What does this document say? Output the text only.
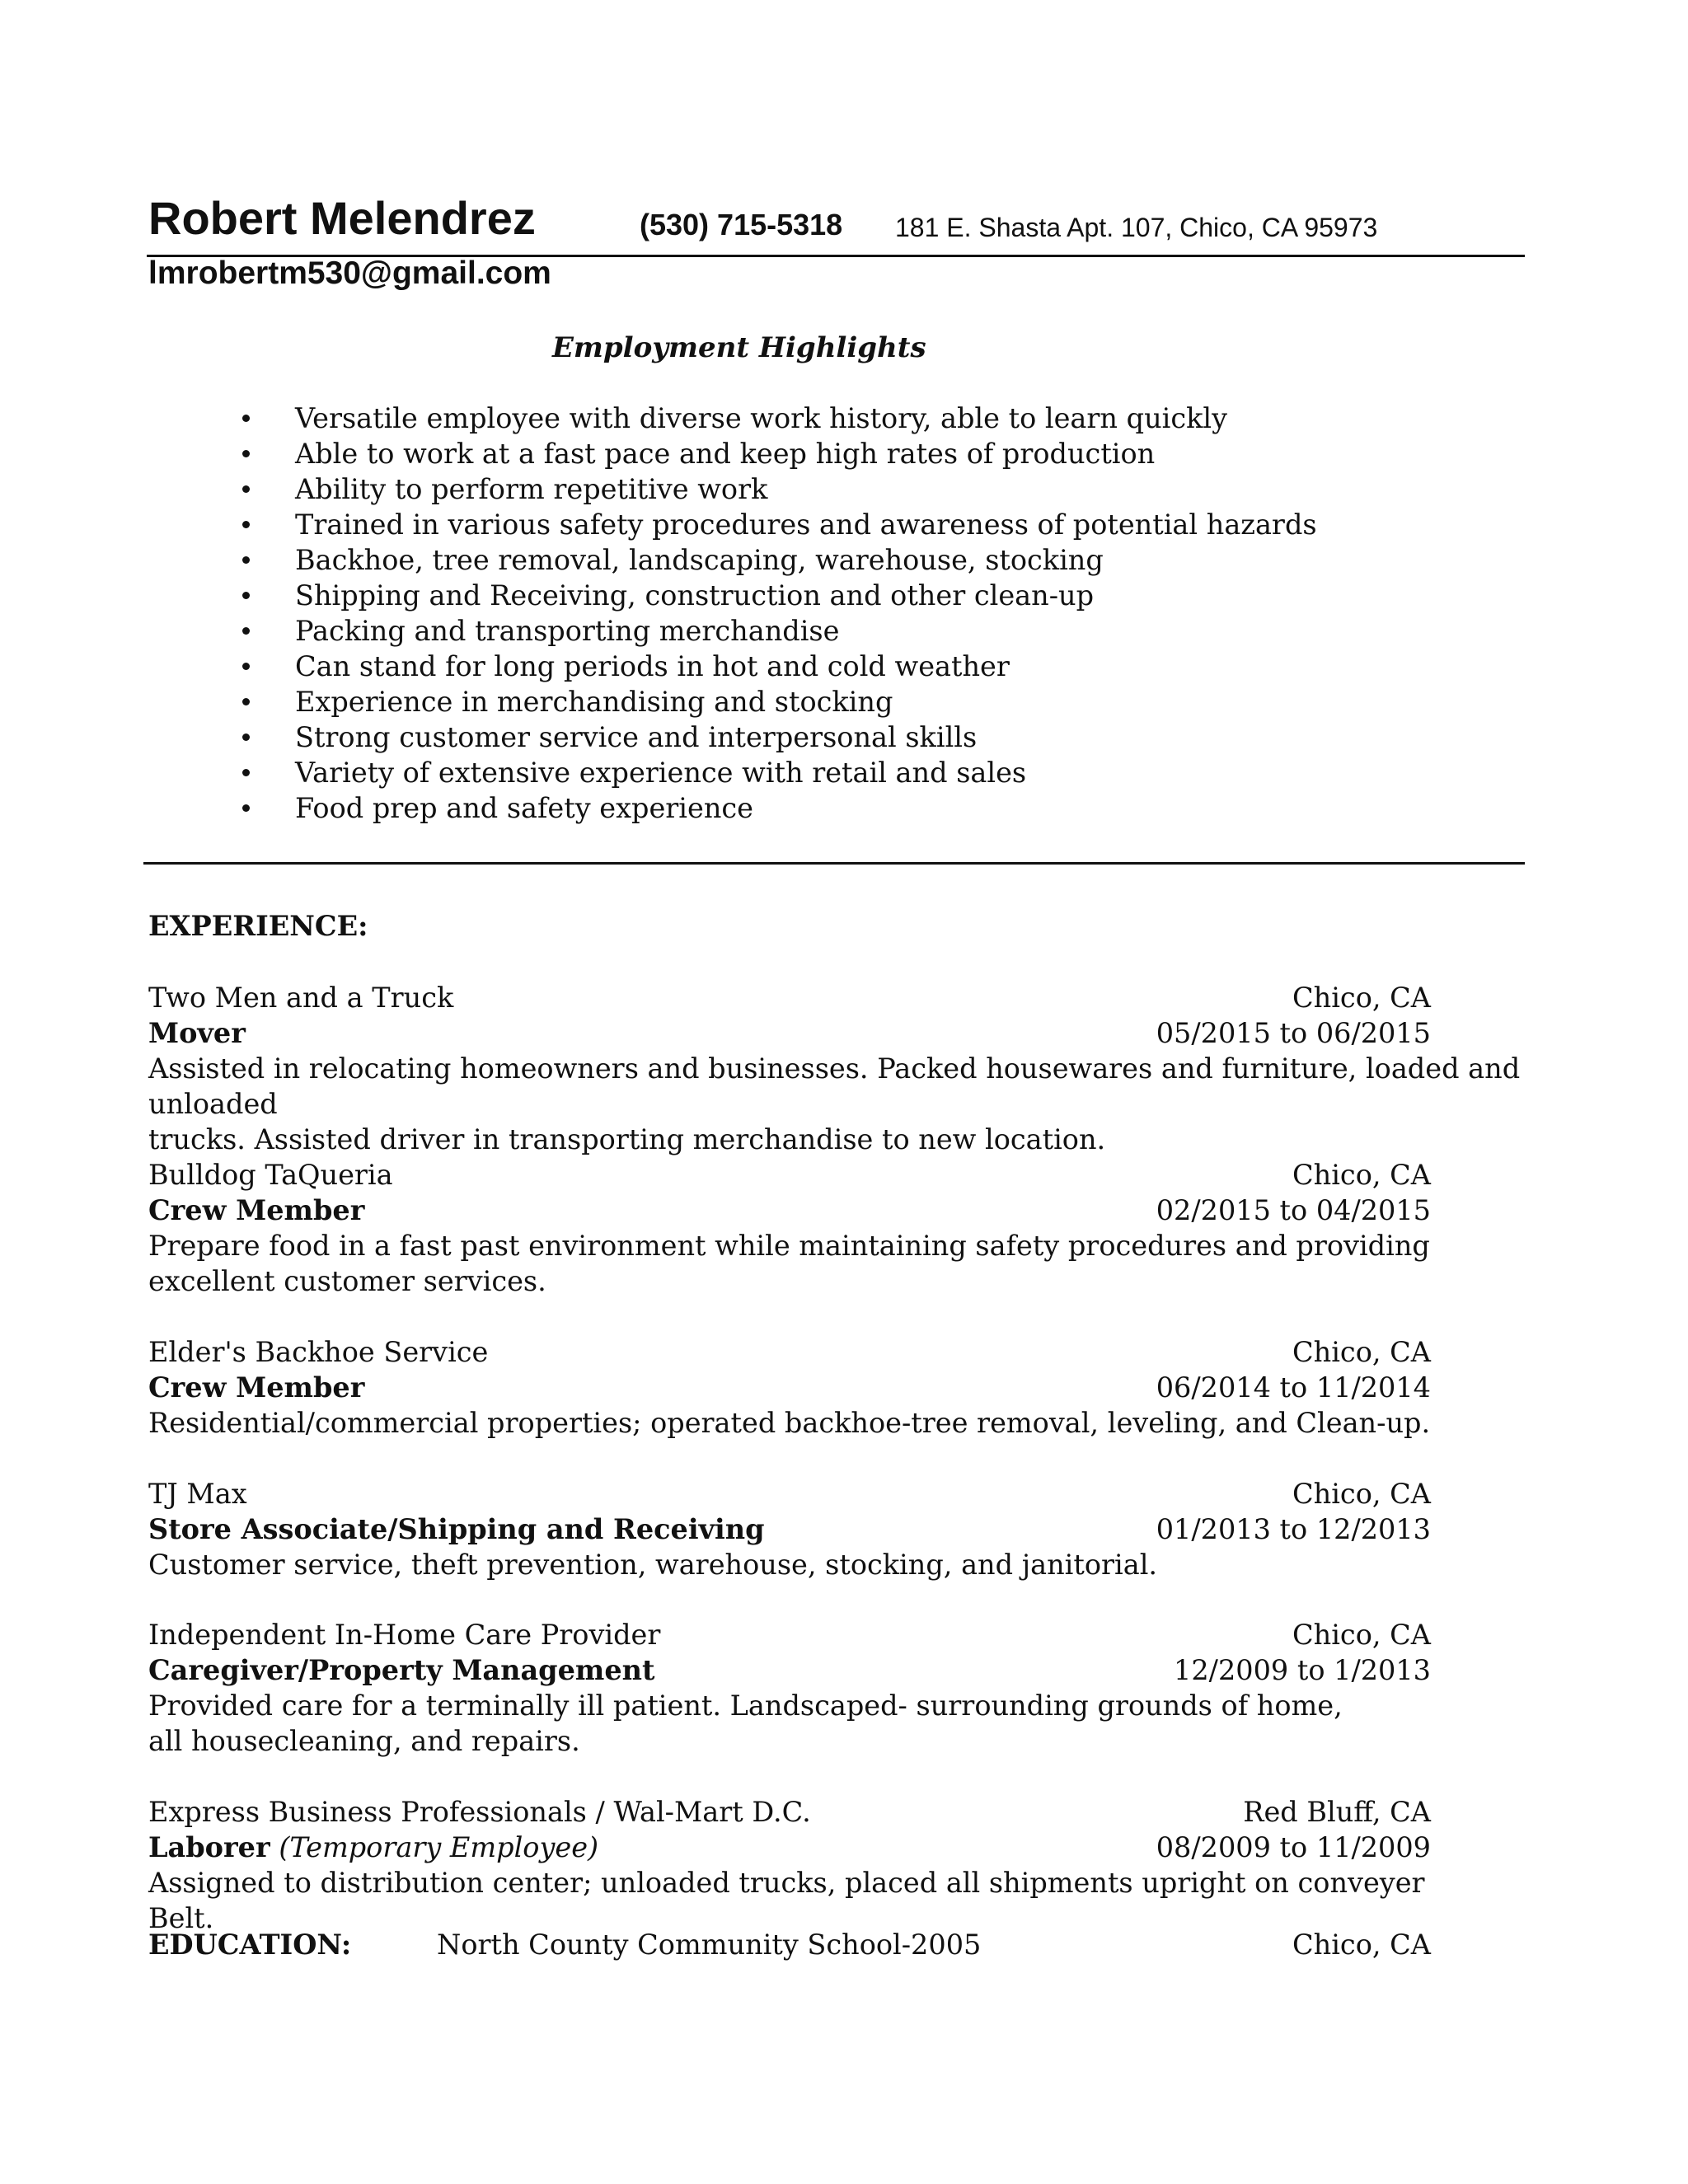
Robert Melendrez	(530) 715-5318 181 E. Shasta Apt. 107, Chico, CA 95973
lmrobertm530@gmail.com
Employment Highlights
Versatile employee with diverse work history, able to learn quickly
Able to work at a fast pace and keep high rates of production
Ability to perform repetitive work
Trained in various safety procedures and awareness of potential hazards
Backhoe, tree removal, landscaping, warehouse, stocking
Shipping and Receiving, construction and other clean-up
Packing and transporting merchandise
Can stand for long periods in hot and cold weather
Experience in merchandising and stocking
Strong customer service and interpersonal skills
Variety of extensive experience with retail and sales
Food prep and safety experience
EXPERIENCE:
Two Men and a Truck	Chico, CA
Mover	05/2015 to 06/2015
Assisted in relocating homeowners and businesses. Packed housewares and furniture, loaded and unloaded
trucks. Assisted driver in transporting merchandise to new location.
Bulldog TaQueria	Chico, CA
Crew Member	02/2015 to 04/2015
Prepare food in a fast past environment while maintaining safety procedures and providing
excellent customer services.
Elder's Backhoe Service	Chico, CA
Crew Member	06/2014 to 11/2014
Residential/commercial properties; operated backhoe-tree removal, leveling, and Clean-up.
TJ Max	Chico, CA
Store Associate/Shipping and Receiving	01/2013 to 12/2013
Customer service, theft prevention, warehouse, stocking, and janitorial.
Independent In-Home Care Provider	Chico, CA
Caregiver/Property Management	12/2009 to 1/2013
Provided care for a terminally ill patient. Landscaped- surrounding grounds of home,
all housecleaning, and repairs.
Express Business Professionals / Wal-Mart D.C.	Red Bluff, CA
Laborer (Temporary Employee)	08/2009 to 11/2009
Assigned to distribution center; unloaded trucks, placed all shipments upright on conveyer Belt.
EDUCATION:	North County Community School-2005	Chico, CA
